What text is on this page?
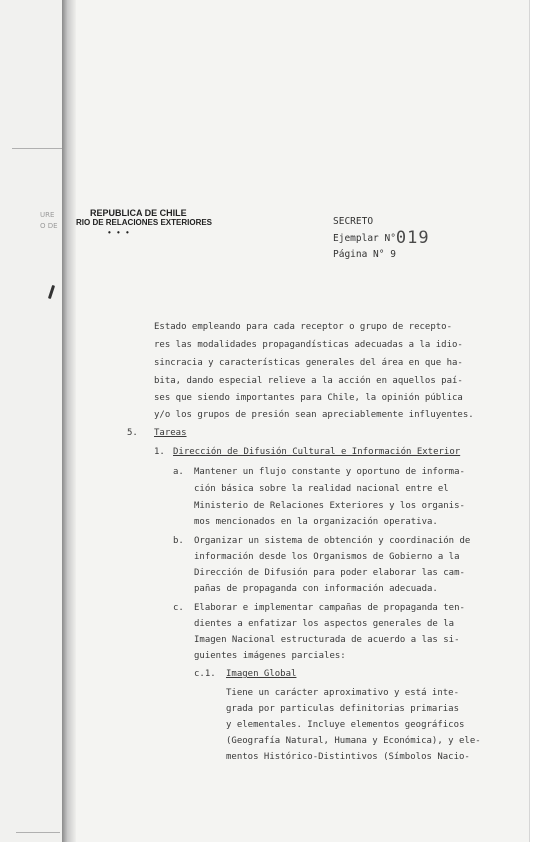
URE
O DE
REPUBLICA DE CHILE
RIO DE RELACIONES EXTERIORES
• • •
SECRETO
Ejemplar N°019
Página N° 9
Estado empleando para cada receptor o grupo de recepto-
res las modalidades propagandísticas adecuadas a la idio-
sincracia y características generales del área en que ha-
bita, dando especial relieve a la acción en aquellos paí-
ses que siendo importantes para Chile, la opinión pública
y/o los grupos de presión sean apreciablemente influyentes.
5. Tareas
1. Dirección de Difusión Cultural e Información Exterior
a. Mantener un flujo constante y oportuno de informa-
ción básica sobre la realidad nacional entre el
Ministerio de Relaciones Exteriores y los organis-
mos mencionados en la organización operativa.
b. Organizar un sistema de obtención y coordinación de
información desde los Organismos de Gobierno a la
Dirección de Difusión para poder elaborar las cam-
pañas de propaganda con información adecuada.
c. Elaborar e implementar campañas de propaganda ten-
dientes a enfatizar los aspectos generales de la
Imagen Nacional estructurada de acuerdo a las si-
guientes imágenes parciales:
c.1. Imagen Global
Tiene un carácter aproximativo y está inte-
grada por particulas definitorias primarias
y elementales. Incluye elementos geográficos
(Geografía Natural, Humana y Económica), y ele-
mentos Histórico-Distintivos (Símbolos Nacio-
